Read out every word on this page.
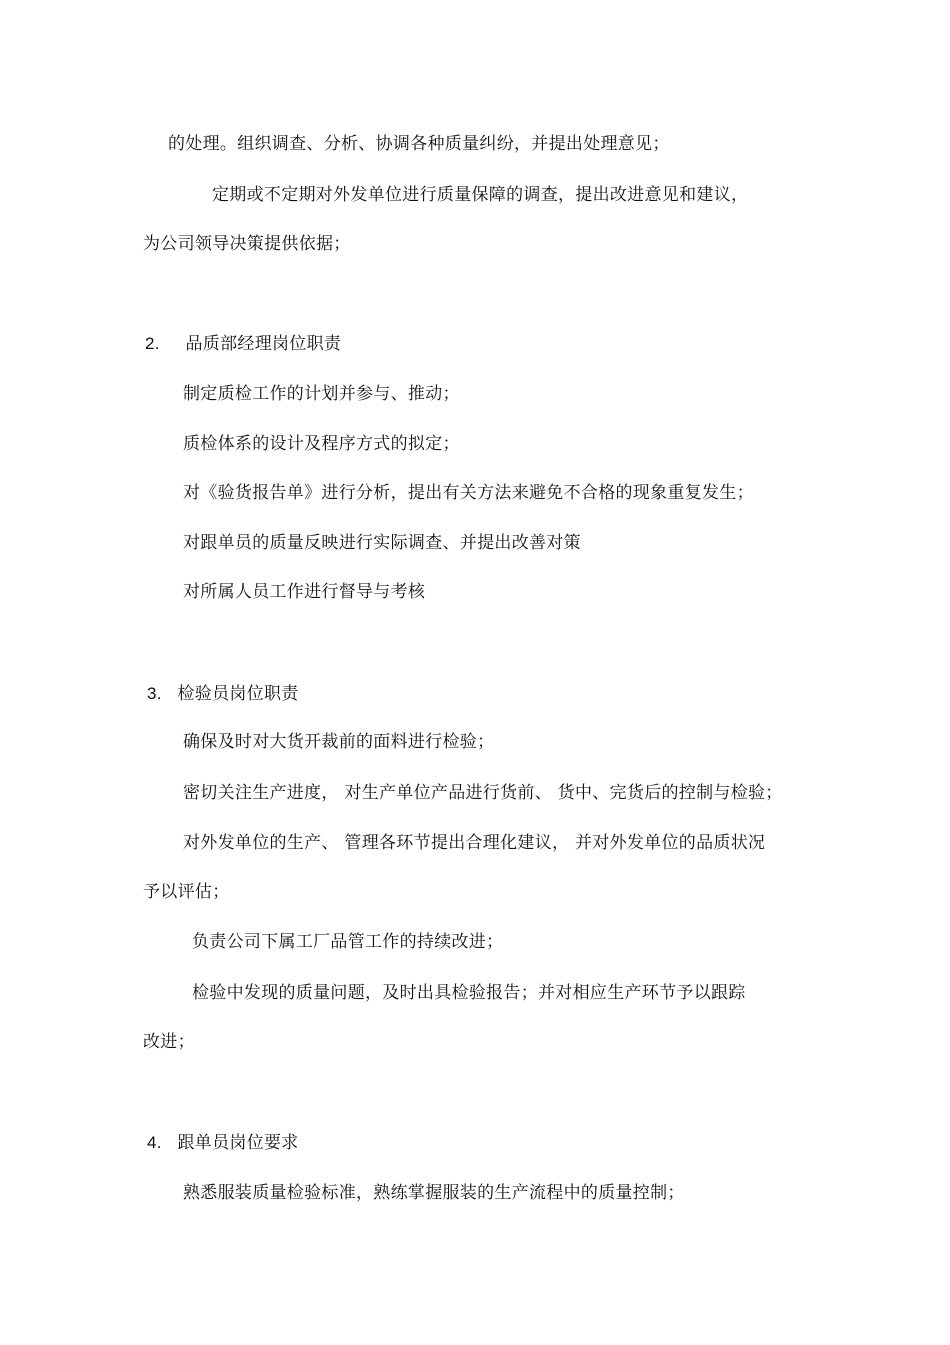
的处理。组织调查、分析、协调各种质量纠纷，并提出处理意见；
定期或不定期对外发单位进行质量保障的调查，提出改进意见和建议，
为公司领导决策提供依据；
2. 品质部经理岗位职责
制定质检工作的计划并参与、推动；
质检体系的设计及程序方式的拟定；
对《验货报告单》进行分析，提出有关方法来避免不合格的现象重复发生；
对跟单员的质量反映进行实际调查、并提出改善对策
对所属人员工作进行督导与考核
3. 检验员岗位职责
确保及时对大货开裁前的面料进行检验；
密切关注生产进度， 对生产单位产品进行货前、 货中、完货后的控制与检验；
对外发单位的生产、 管理各环节提出合理化建议， 并对外发单位的品质状况
予以评估；
负责公司下属工厂品管工作的持续改进；
检验中发现的质量问题，及时出具检验报告；并对相应生产环节予以跟踪
改进；
4. 跟单员岗位要求
熟悉服装质量检验标准，熟练掌握服装的生产流程中的质量控制；
